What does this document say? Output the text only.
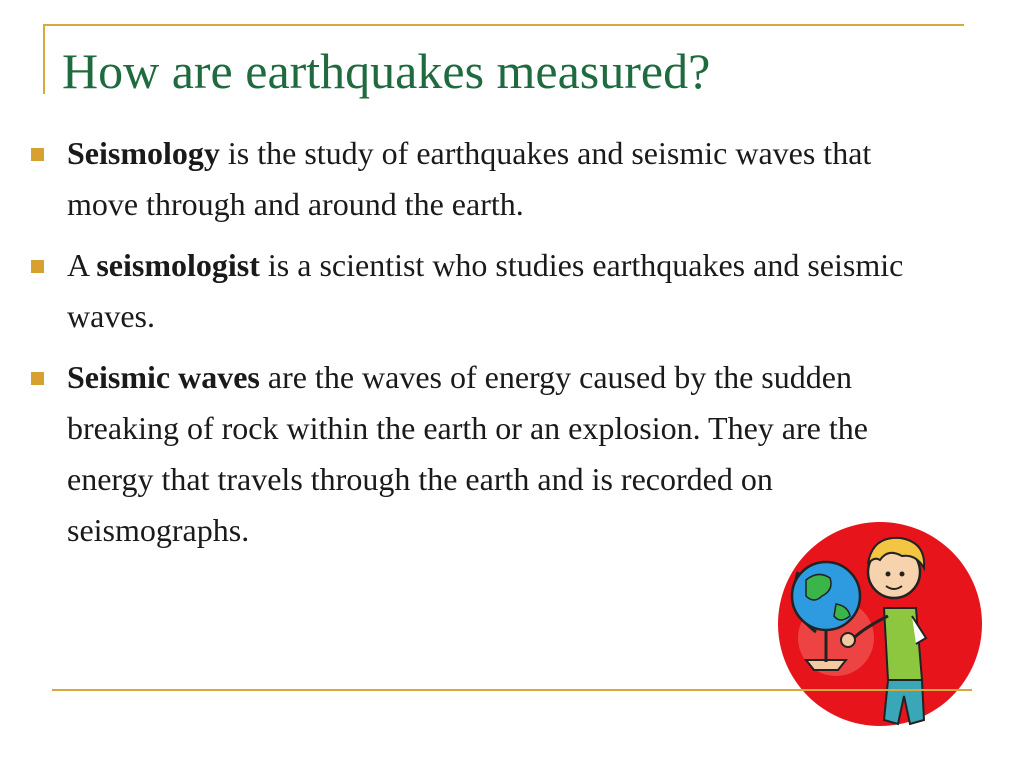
How are earthquakes measured?
Seismology is the study of earthquakes and seismic waves that move through and around the earth.
A seismologist is a scientist who studies earthquakes and seismic waves.
Seismic waves are the waves of energy caused by the sudden breaking of rock within the earth or an explosion. They are the energy that travels through the earth and is recorded on seismographs.
